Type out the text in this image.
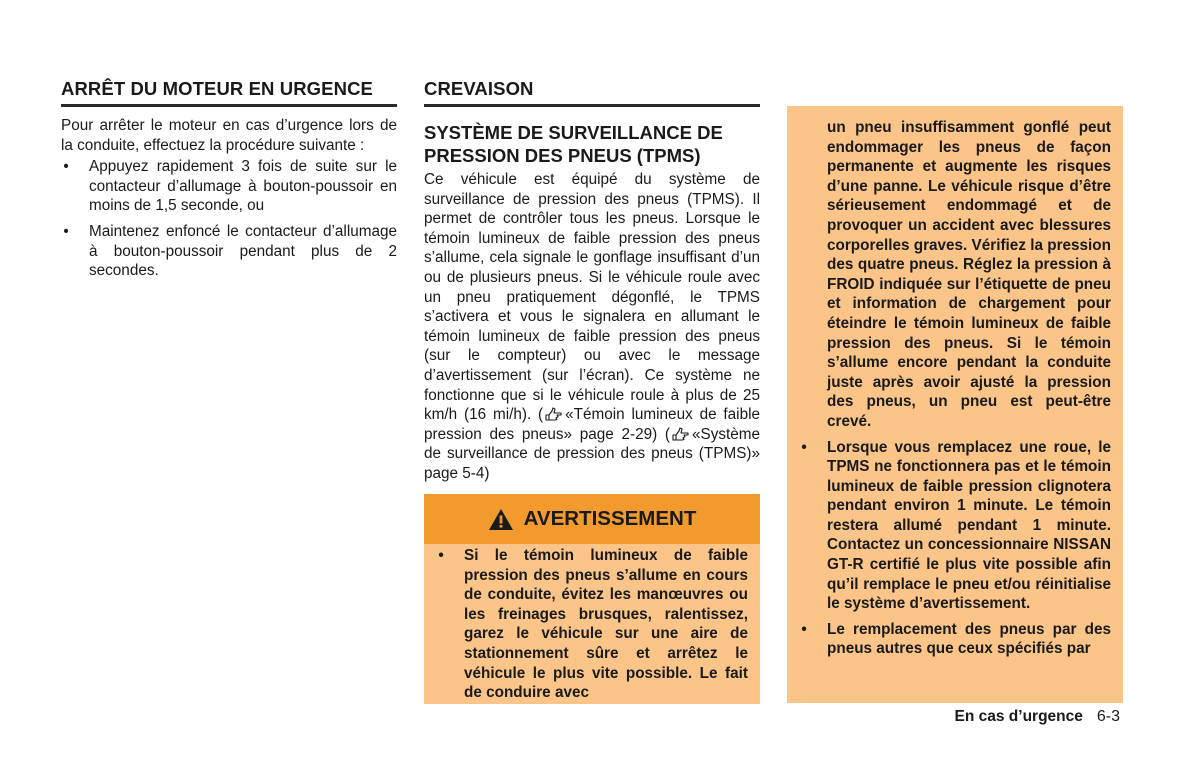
ARRÊT DU MOTEUR EN URGENCE

Pour arrêter le moteur en cas d’urgence lors de la conduite, effectuez la procédure suivante :

• Appuyez rapidement 3 fois de suite sur le contacteur d’allumage à bouton-poussoir en moins de 1,5 seconde, ou
• Maintenez enfoncé le contacteur d’allumage à bouton-poussoir pendant plus de 2 secondes.
CREVAISON
SYSTÈME DE SURVEILLANCE DE PRESSION DES PNEUS (TPMS)

Ce véhicule est équipé du système de surveillance de pression des pneus (TPMS). Il permet de contrôler tous les pneus. Lorsque le témoin lumineux de faible pression des pneus s’allume, cela signale le gonflage insuffisant d’un ou de plusieurs pneus. Si le véhicule roule avec un pneu pratiquement dégonflé, le TPMS s’activera et vous le signalera en allumant le témoin lumineux de faible pression des pneus (sur le compteur) ou avec le message d’avertissement (sur l’écran). Ce système ne fonctionne que si le véhicule roule à plus de 25 km/h (16 mi/h). ( «Témoin lumineux de faible pression des pneus» page 2-29) ( «Système de surveillance de pression des pneus (TPMS)» page 5-4)

AVERTISSEMENT
• Si le témoin lumineux de faible pression des pneus s’allume en cours de conduite, évitez les manœuvres ou les freinages brusques, ralentissez, garez le véhicule sur une aire de stationnement sûre et arrêtez le véhicule le plus vite possible. Le fait de conduire avec
un pneu insuffisamment gonflé peut endommager les pneus de façon permanente et augmente les risques d’une panne. Le véhicule risque d’être sérieusement endommagé et de provoquer un accident avec blessures corporelles graves. Vérifiez la pression des quatre pneus. Réglez la pression à FROID indiquée sur l’étiquette de pneu et information de chargement pour éteindre le témoin lumineux de faible pression des pneus. Si le témoin s’allume encore pendant la conduite juste après avoir ajusté la pression des pneus, un pneu est peut-être crevé.
• Lorsque vous remplacez une roue, le TPMS ne fonctionnera pas et le témoin lumineux de faible pression clignotera pendant environ 1 minute. Le témoin restera allumé pendant 1 minute. Contactez un concessionnaire NISSAN GT-R certifié le plus vite possible afin qu’il remplace le pneu et/ou réinitialise le système d’avertissement.
• Le remplacement des pneus par des pneus autres que ceux spécifiés par
En cas d’urgence 6-3
